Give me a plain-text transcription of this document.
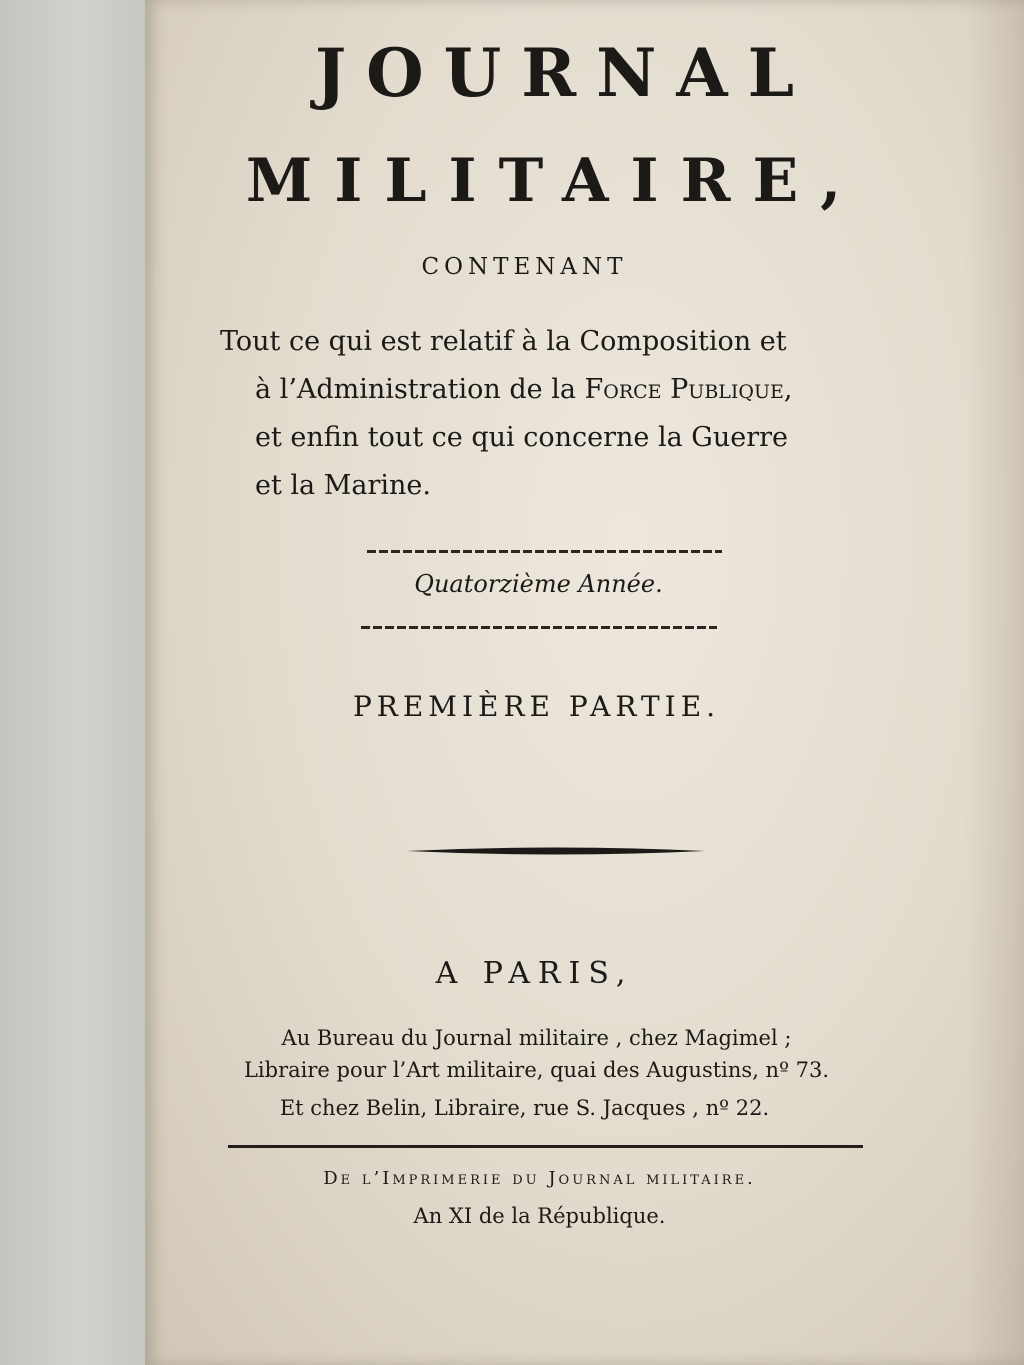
JOURNAL
MILITAIRE,
CONTENANT
Tout ce qui est relatif à la Composition et
à l’Administration de la Force Publique,
et enfin tout ce qui concerne la Guerre
et la Marine.
Quatorzième Année.
PREMIÈRE PARTIE.
A PARIS,
Au Bureau du Journal militaire , chez Magimel ;
Libraire pour l’Art militaire, quai des Augustins, nº 73.
Et chez Belin, Libraire, rue S. Jacques , nº 22.
De l’Imprimerie du Journal militaire.
An XI de la République.
